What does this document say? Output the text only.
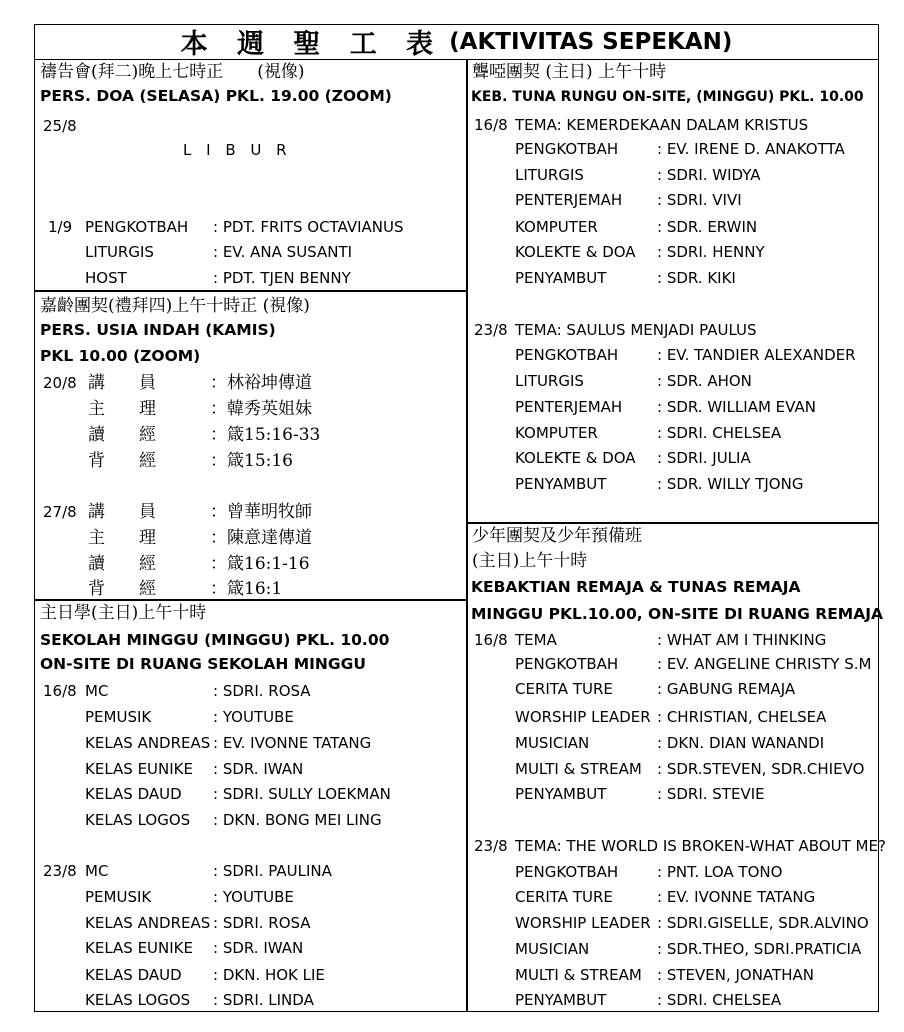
本 週 聖 工 表 (AKTIVITAS SEPEKAN)
禱告會(拜二)晚上七時正　　(視像)
PERS. DOA (SELASA) PKL. 19.00 (ZOOM)
25/8
L I B U R
1/9 PENGKOTBAH : PDT. FRITS OCTAVIANUS
LITURGIS	: EV. ANA SUSANTI
HOST	: PDT. TJEN BENNY
嘉齡團契(禮拜四)上午十時正 (視像)
PERS. USIA INDAH (KAMIS)
PKL 10.00 (ZOOM)
20/8 講　　員	：林裕坤傳道
主　　理	：韓秀英姐妹
讀　　經	：箴15:16-33
背　　經	：箴15:16
27/8 講　　員	：曾華明牧師
主　　理	：陳意達傳道
讀　　經	：箴16:1-16
背　　經	：箴16:1
主日學(主日)上午十時
SEKOLAH MINGGU (MINGGU) PKL. 10.00
ON-SITE DI RUANG SEKOLAH MINGGU
16/8 MC	: SDRI. ROSA
PEMUSIK	: YOUTUBE
KELAS ANDREAS : EV. IVONNE TATANG
KELAS EUNIKE : SDR. IWAN
KELAS DAUD : SDRI. SULLY LOEKMAN
KELAS LOGOS : DKN. BONG MEI LING
23/8 MC	: SDRI. PAULINA
PEMUSIK	: YOUTUBE
KELAS ANDREAS : SDRI. ROSA
KELAS EUNIKE : SDR. IWAN
KELAS DAUD : DKN. HOK LIE
KELAS LOGOS : SDRI. LINDA
聾啞團契 (主日) 上午十時
KEB. TUNA RUNGU ON-SITE, (MINGGU) PKL. 10.00
16/8 TEMA: KEMERDEKAAN DALAM KRISTUS
PENGKOTBAH	: EV. IRENE D. ANAKOTTA
LITURGIS	: SDRI. WIDYA
PENTERJEMAH : SDRI. VIVI
KOMPUTER	: SDR. ERWIN
KOLEKTE & DOA : SDRI. HENNY
PENYAMBUT	: SDR. KIKI
23/8 TEMA: SAULUS MENJADI PAULUS
PENGKOTBAH	: EV. TANDIER ALEXANDER
LITURGIS	: SDR. AHON
PENTERJEMAH : SDR. WILLIAM EVAN
KOMPUTER	: SDRI. CHELSEA
KOLEKTE & DOA : SDRI. JULIA
PENYAMBUT	: SDR. WILLY TJONG
少年團契及少年預備班
(主日)上午十時
KEBAKTIAN REMAJA & TUNAS REMAJA
MINGGU PKL.10.00, ON-SITE DI RUANG REMAJA
16/8 TEMA	: WHAT AM I THINKING
PENGKOTBAH	: EV. ANGELINE CHRISTY S.M
CERITA TURE	: GABUNG REMAJA
WORSHIP LEADER : CHRISTIAN, CHELSEA
MUSICIAN	: DKN. DIAN WANANDI
MULTI & STREAM : SDR.STEVEN, SDR.CHIEVO
PENYAMBUT	: SDRI. STEVIE
23/8 TEMA: THE WORLD IS BROKEN-WHAT ABOUT ME?
PENGKOTBAH	: PNT. LOA TONO
CERITA TURE	: EV. IVONNE TATANG
WORSHIP LEADER : SDRI.GISELLE, SDR.ALVINO
MUSICIAN	: SDR.THEO, SDRI.PRATICIA
MULTI & STREAM : STEVEN, JONATHAN
PENYAMBUT	: SDRI. CHELSEA
